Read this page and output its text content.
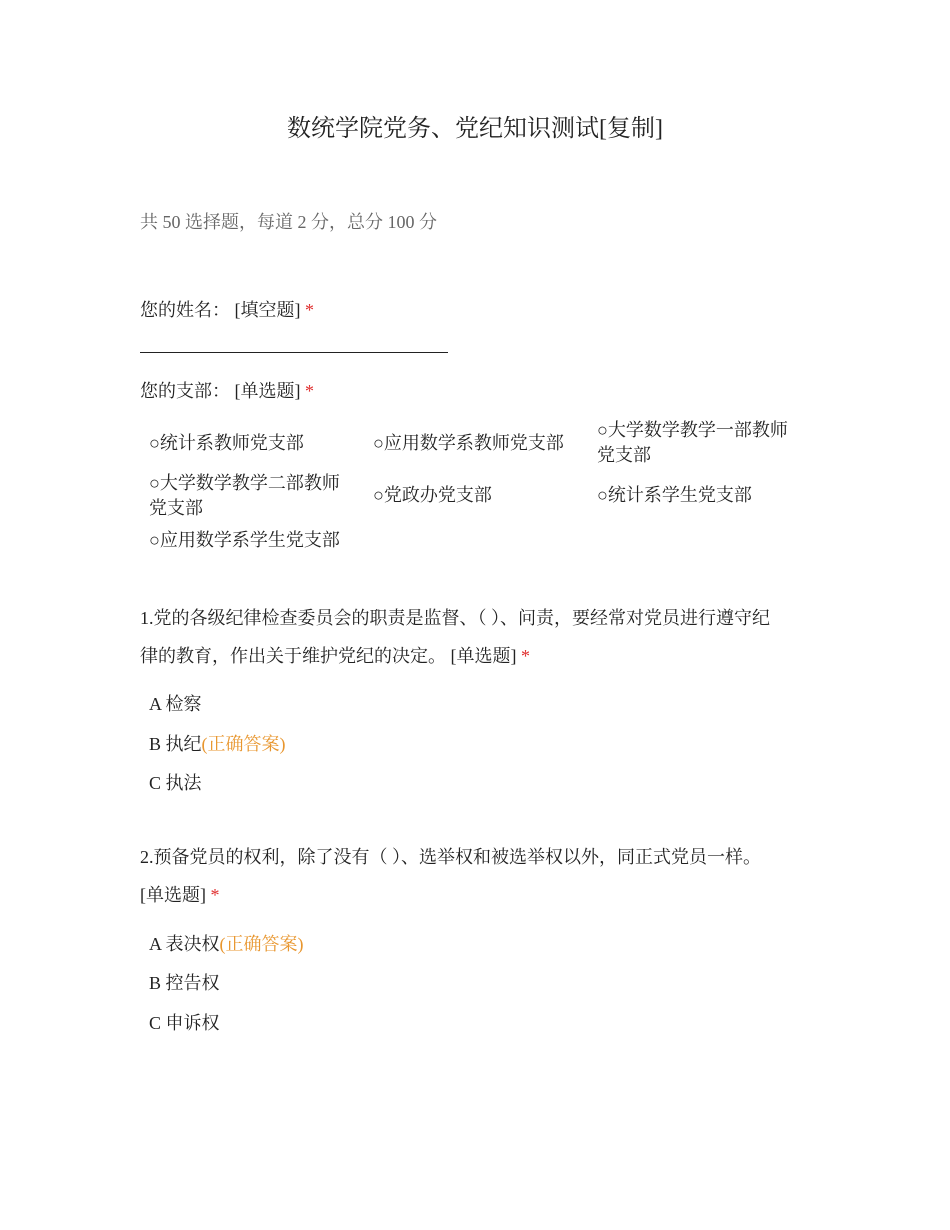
数统学院党务、党纪知识测试[复制]
共 50 选择题，每道 2 分，总分 100 分
您的姓名： [填空题] *
您的支部： [单选题] *
○统计系教师党支部	○应用数学系教师党支部
○大学数学教学一部教师党支部
○大学数学教学二部教师党支部
○党政办党支部	○统计系学生党支部
○应用数学系学生党支部
1.党的各级纪律检查委员会的职责是监督、（ ）、问责，要经常对党员进行遵守纪
律的教育，作出关于维护党纪的决定。 [单选题] *
A 检察
B 执纪(正确答案)
C 执法
2.预备党员的权利，除了没有（ ）、选举权和被选举权以外，同正式党员一样。
[单选题] *
A 表决权(正确答案)
B 控告权
C 申诉权
